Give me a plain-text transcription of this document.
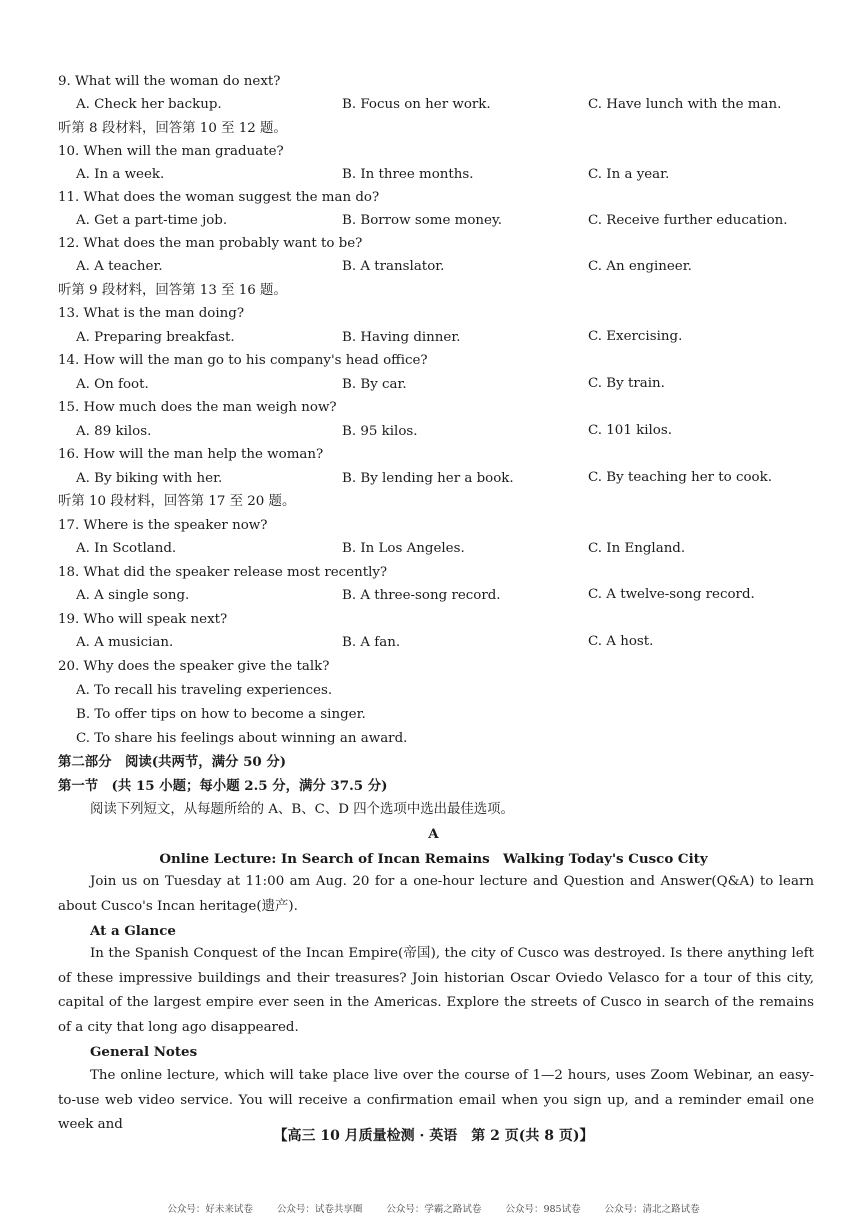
9. What will the woman do next?
A. Check her backup.	B. Focus on her work.	C. Have lunch with the man.
听第 8 段材料，回答第 10 至 12 题。
10. When will the man graduate?
A. In a week.	B. In three months.	C. In a year.
11. What does the woman suggest the man do?
A. Get a part-time job.	B. Borrow some money.	C. Receive further education.
12. What does the man probably want to be?
A. A teacher.	B. A translator.	C. An engineer.
听第 9 段材料，回答第 13 至 16 题。
13. What is the man doing?
A. Preparing breakfast.	B. Having dinner.	C. Exercising.
14. How will the man go to his company's head office?
A. On foot.	B. By car.	C. By train.
15. How much does the man weigh now?
A. 89 kilos.	B. 95 kilos.	C. 101 kilos.
16. How will the man help the woman?
A. By biking with her.	B. By lending her a book.	C. By teaching her to cook.
听第 10 段材料，回答第 17 至 20 题。
17. Where is the speaker now?
A. In Scotland.	B. In Los Angeles.	C. In England.
18. What did the speaker release most recently?
A. A single song.	B. A three-song record.	C. A twelve-song record.
19. Who will speak next?
A. A musician.	B. A fan.	C. A host.
20. Why does the speaker give the talk?
A. To recall his traveling experiences.
B. To offer tips on how to become a singer.
C. To share his feelings about winning an award.
第二部分　阅读(共两节，满分 50 分)
第一节　(共 15 小题；每小题 2.5 分，满分 37.5 分)
阅读下列短文，从每题所给的 A、B、C、D 四个选项中选出最佳选项。
A
Online Lecture: In Search of Incan Remains　Walking Today's Cusco City
Join us on Tuesday at 11:00 am Aug. 20 for a one-hour lecture and Question and Answer(Q&A) to learn about Cusco's Incan heritage(遗产).
At a Glance
In the Spanish Conquest of the Incan Empire(帝国), the city of Cusco was destroyed. Is there anything left of these impressive buildings and their treasures? Join historian Oscar Oviedo Velasco for a tour of this city, capital of the largest empire ever seen in the Americas. Explore the streets of Cusco in search of the remains of a city that long ago disappeared.
General Notes
The online lecture, which will take place live over the course of 1—2 hours, uses Zoom Webinar, an easy-to-use web video service. You will receive a confirmation email when you sign up, and a reminder email one week and
【高三 10 月质量检测 · 英语　第 2 页(共 8 页)】
公众号：好未来试卷	公众号：试卷共享圈	公众号：学霸之路试卷	公众号：985试卷	公众号：清北之路试卷
